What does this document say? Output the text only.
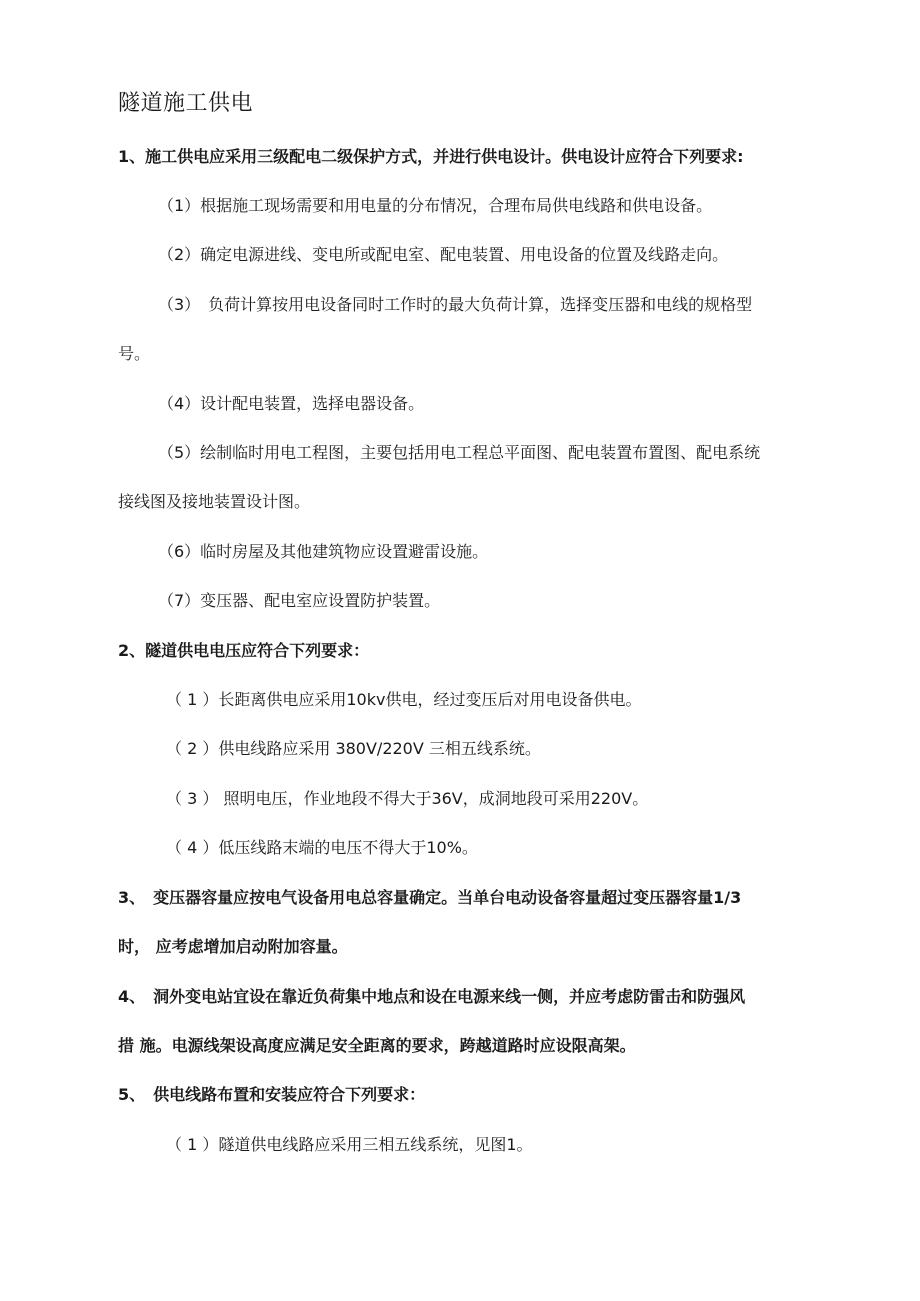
隧道施工供电

1、施工供电应采用三级配电二级保护方式，并进行供电设计。供电设计应符合下列要求:

（1）根据施工现场需要和用电量的分布情况，合理布局供电线路和供电设备。

（2）确定电源进线、变电所或配电室、配电装置、用电设备的位置及线路走向。

（3）　负荷计算按用电设备同时工作时的最大负荷计算，选择变压器和电线的规格型

号。

（4）设计配电装置，选择电器设备。

（5）绘制临时用电工程图，主要包括用电工程总平面图、配电装置布置图、配电系统

接线图及接地装置设计图。

（6）临时房屋及其他建筑物应设置避雷设施。

（7）变压器、配电室应设置防护装置。

2、隧道供电电压应符合下列要求：

（ 1 ）长距离供电应采用10kv供电，经过变压后对用电设备供电。

（ 2 ）供电线路应采用 380V/220V 三相五线系统。

（ 3 ） 照明电压，作业地段不得大于36V，成洞地段可采用220V。

（ 4 ）低压线路末端的电压不得大于10%。

3、　变压器容量应按电气设备用电总容量确定。当单台电动设备容量超过变压器容量1/3

时， 应考虑增加启动附加容量。

4、　洞外变电站宜设在靠近负荷集中地点和设在电源来线一侧，并应考虑防雷击和防强风

措 施。电源线架设高度应满足安全距离的要求，跨越道路时应设限高架。

5、　供电线路布置和安装应符合下列要求：

（ 1 ）隧道供电线路应采用三相五线系统，见图1。
